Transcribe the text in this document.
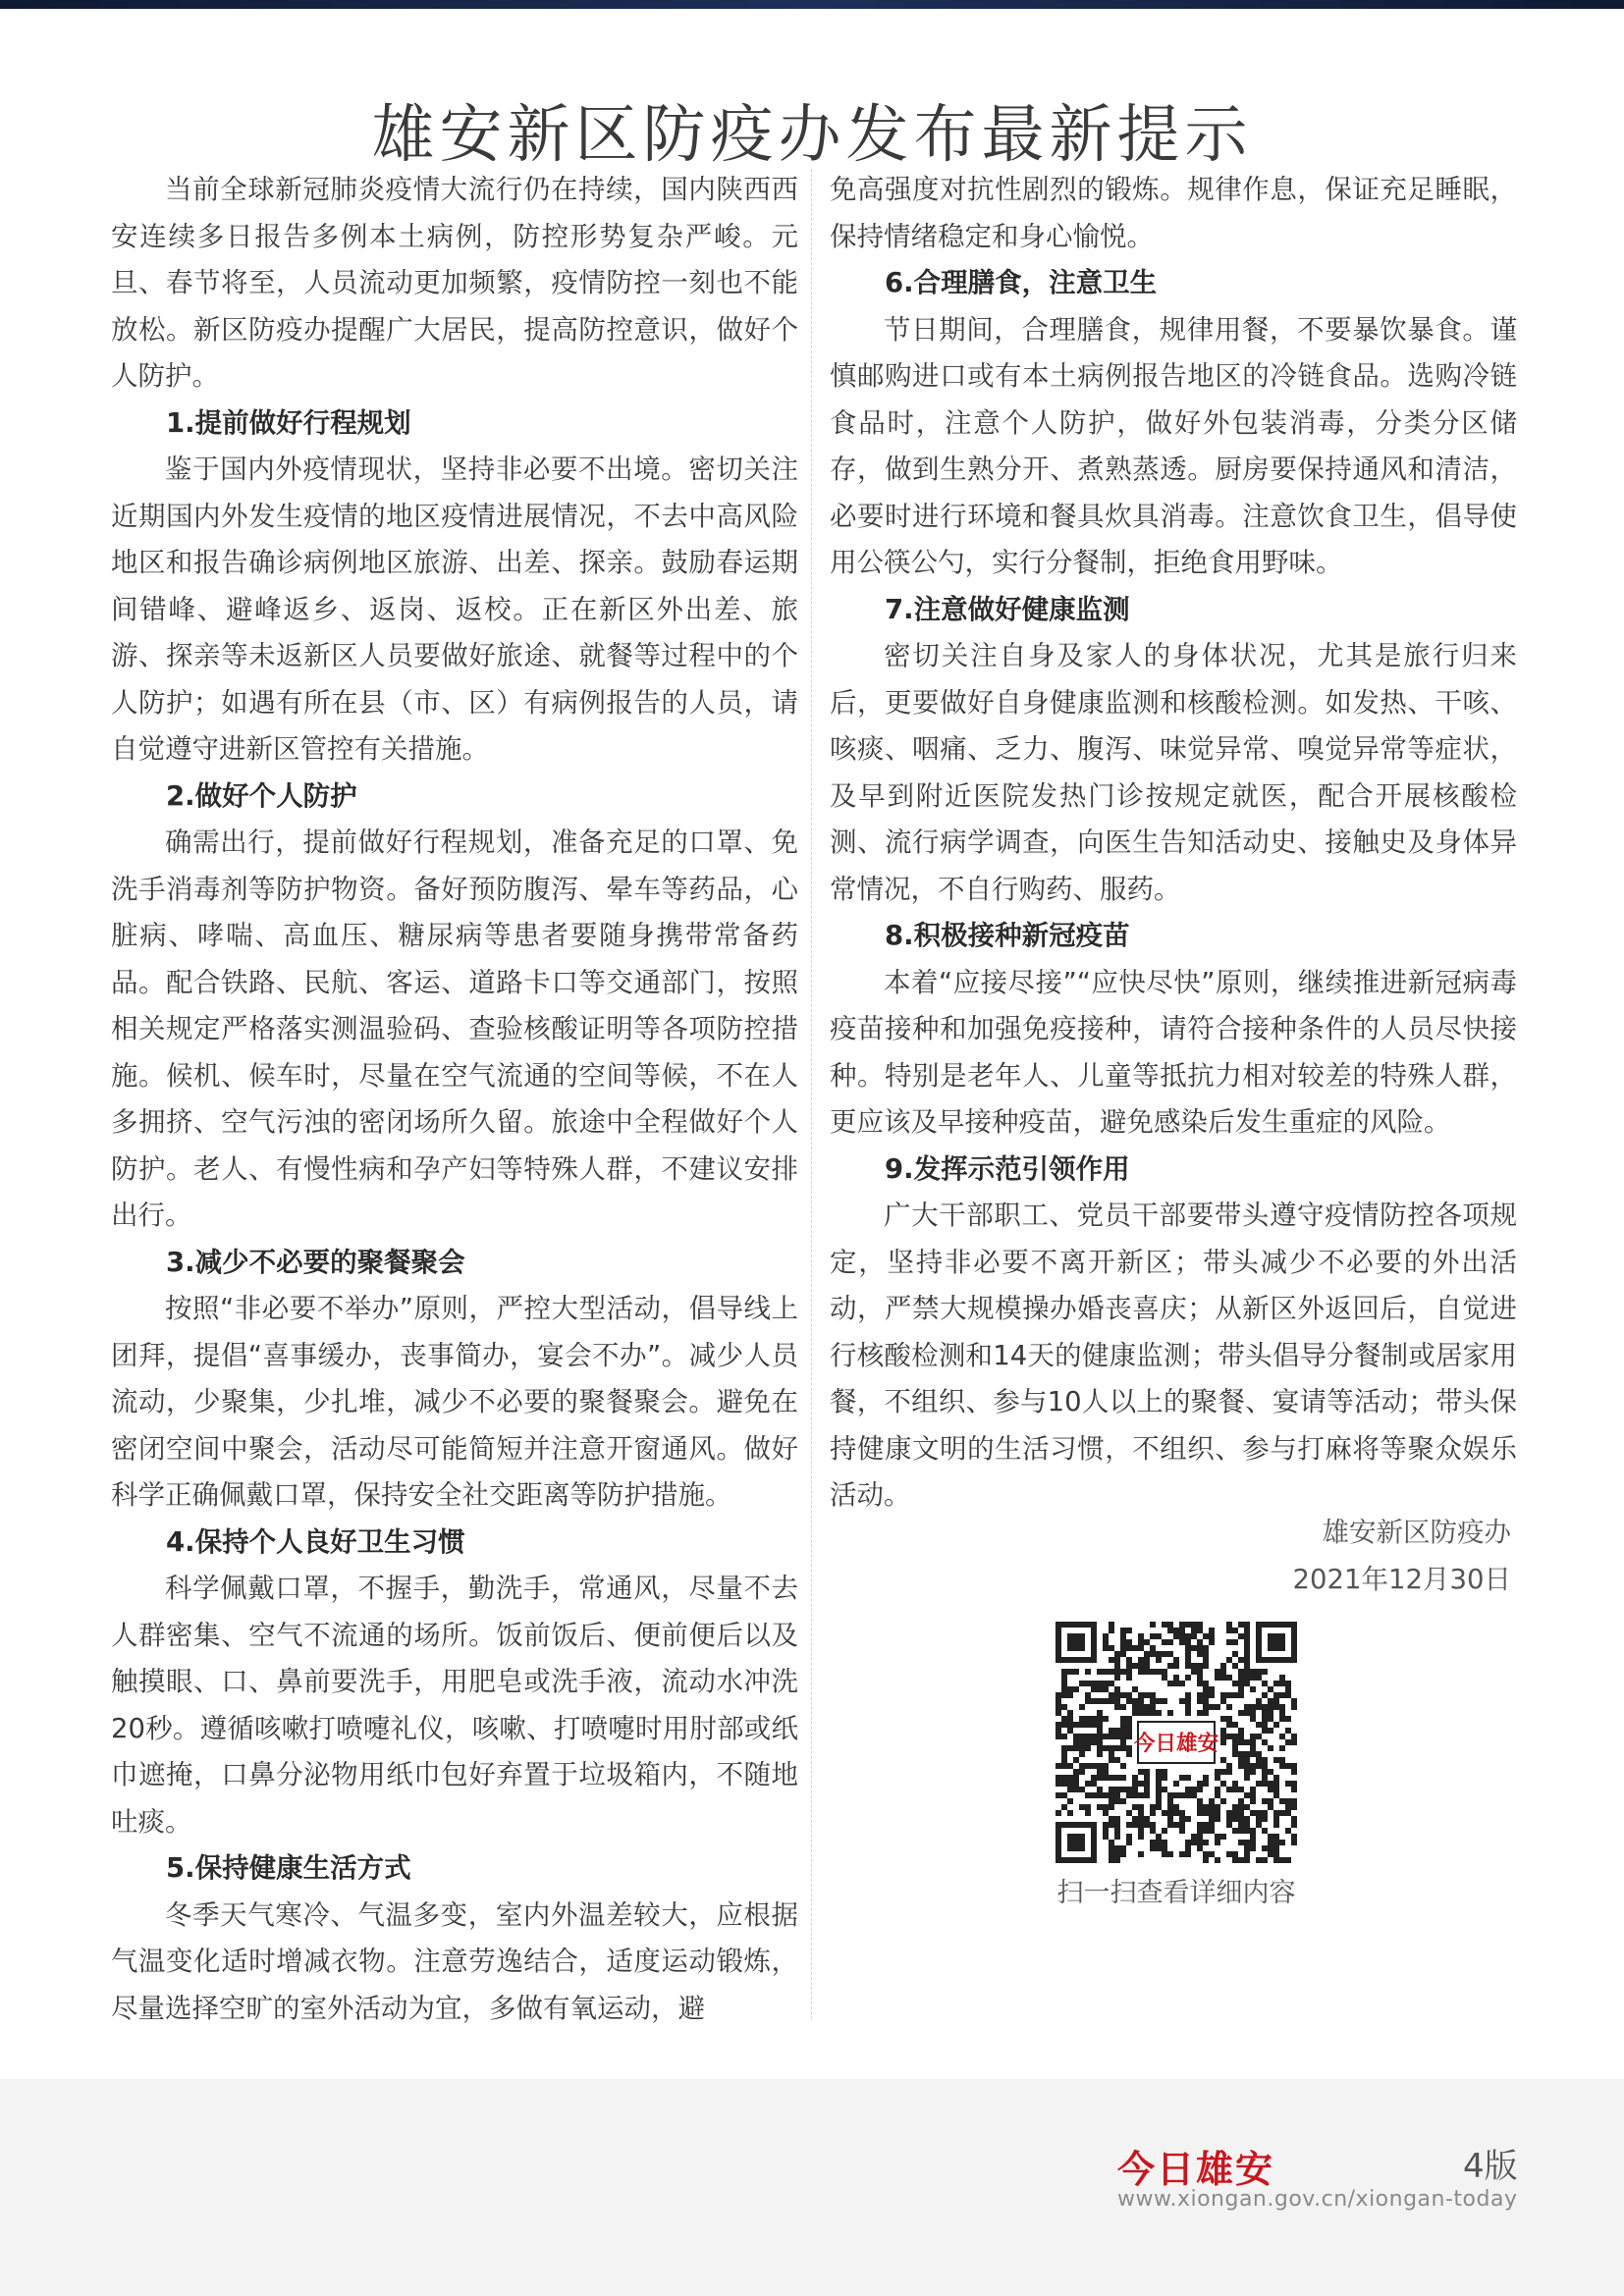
雄安新区防疫办发布最新提示

当前全球新冠肺炎疫情大流行仍在持续，国内陕西西安连续多日报告多例本土病例，防控形势复杂严峻。元旦、春节将至，人员流动更加频繁，疫情防控一刻也不能放松。新区防疫办提醒广大居民，提高防控意识，做好个人防护。

1.提前做好行程规划

鉴于国内外疫情现状，坚持非必要不出境。密切关注近期国内外发生疫情的地区疫情进展情况，不去中高风险地区和报告确诊病例地区旅游、出差、探亲。鼓励春运期间错峰、避峰返乡、返岗、返校。正在新区外出差、旅游、探亲等未返新区人员要做好旅途、就餐等过程中的个人防护；如遇有所在县（市、区）有病例报告的人员，请自觉遵守进新区管控有关措施。

2.做好个人防护

确需出行，提前做好行程规划，准备充足的口罩、免洗手消毒剂等防护物资。备好预防腹泻、晕车等药品，心脏病、哮喘、高血压、糖尿病等患者要随身携带常备药品。配合铁路、民航、客运、道路卡口等交通部门，按照相关规定严格落实测温验码、查验核酸证明等各项防控措施。候机、候车时，尽量在空气流通的空间等候，不在人多拥挤、空气污浊的密闭场所久留。旅途中全程做好个人防护。老人、有慢性病和孕产妇等特殊人群，不建议安排出行。

3.减少不必要的聚餐聚会

按照“非必要不举办”原则，严控大型活动，倡导线上团拜，提倡“喜事缓办，丧事简办，宴会不办”。减少人员流动，少聚集，少扎堆，减少不必要的聚餐聚会。避免在密闭空间中聚会，活动尽可能简短并注意开窗通风。做好科学正确佩戴口罩，保持安全社交距离等防护措施。

4.保持个人良好卫生习惯

科学佩戴口罩，不握手，勤洗手，常通风，尽量不去人群密集、空气不流通的场所。饭前饭后、便前便后以及触摸眼、口、鼻前要洗手，用肥皂或洗手液，流动水冲洗20秒。遵循咳嗽打喷嚏礼仪，咳嗽、打喷嚏时用肘部或纸巾遮掩，口鼻分泌物用纸巾包好弃置于垃圾箱内，不随地吐痰。

5.保持健康生活方式

冬季天气寒冷、气温多变，室内外温差较大，应根据气温变化适时增减衣物。注意劳逸结合，适度运动锻炼，尽量选择空旷的室外活动为宜，多做有氧运动，避

免高强度对抗性剧烈的锻炼。规律作息，保证充足睡眠，保持情绪稳定和身心愉悦。

6.合理膳食，注意卫生

节日期间，合理膳食，规律用餐，不要暴饮暴食。谨慎邮购进口或有本土病例报告地区的冷链食品。选购冷链食品时，注意个人防护，做好外包装消毒，分类分区储存，做到生熟分开、煮熟蒸透。厨房要保持通风和清洁，必要时进行环境和餐具炊具消毒。注意饮食卫生，倡导使用公筷公勺，实行分餐制，拒绝食用野味。

7.注意做好健康监测

密切关注自身及家人的身体状况，尤其是旅行归来后，更要做好自身健康监测和核酸检测。如发热、干咳、咳痰、咽痛、乏力、腹泻、味觉异常、嗅觉异常等症状，及早到附近医院发热门诊按规定就医，配合开展核酸检测、流行病学调查，向医生告知活动史、接触史及身体异常情况，不自行购药、服药。

8.积极接种新冠疫苗

本着“应接尽接”“应快尽快”原则，继续推进新冠病毒疫苗接种和加强免疫接种，请符合接种条件的人员尽快接种。特别是老年人、儿童等抵抗力相对较差的特殊人群，更应该及早接种疫苗，避免感染后发生重症的风险。

9.发挥示范引领作用

广大干部职工、党员干部要带头遵守疫情防控各项规定，坚持非必要不离开新区；带头减少不必要的外出活动，严禁大规模操办婚丧喜庆；从新区外返回后，自觉进行核酸检测和14天的健康监测；带头倡导分餐制或居家用餐，不组织、参与10人以上的聚餐、宴请等活动；带头保持健康文明的生活习惯，不组织、参与打麻将等聚众娱乐活动。

雄安新区防疫办
2021年12月30日
今日雄安
扫一扫查看详细内容
今日雄安	4版
www.xiongan.gov.cn/xiongan-today
